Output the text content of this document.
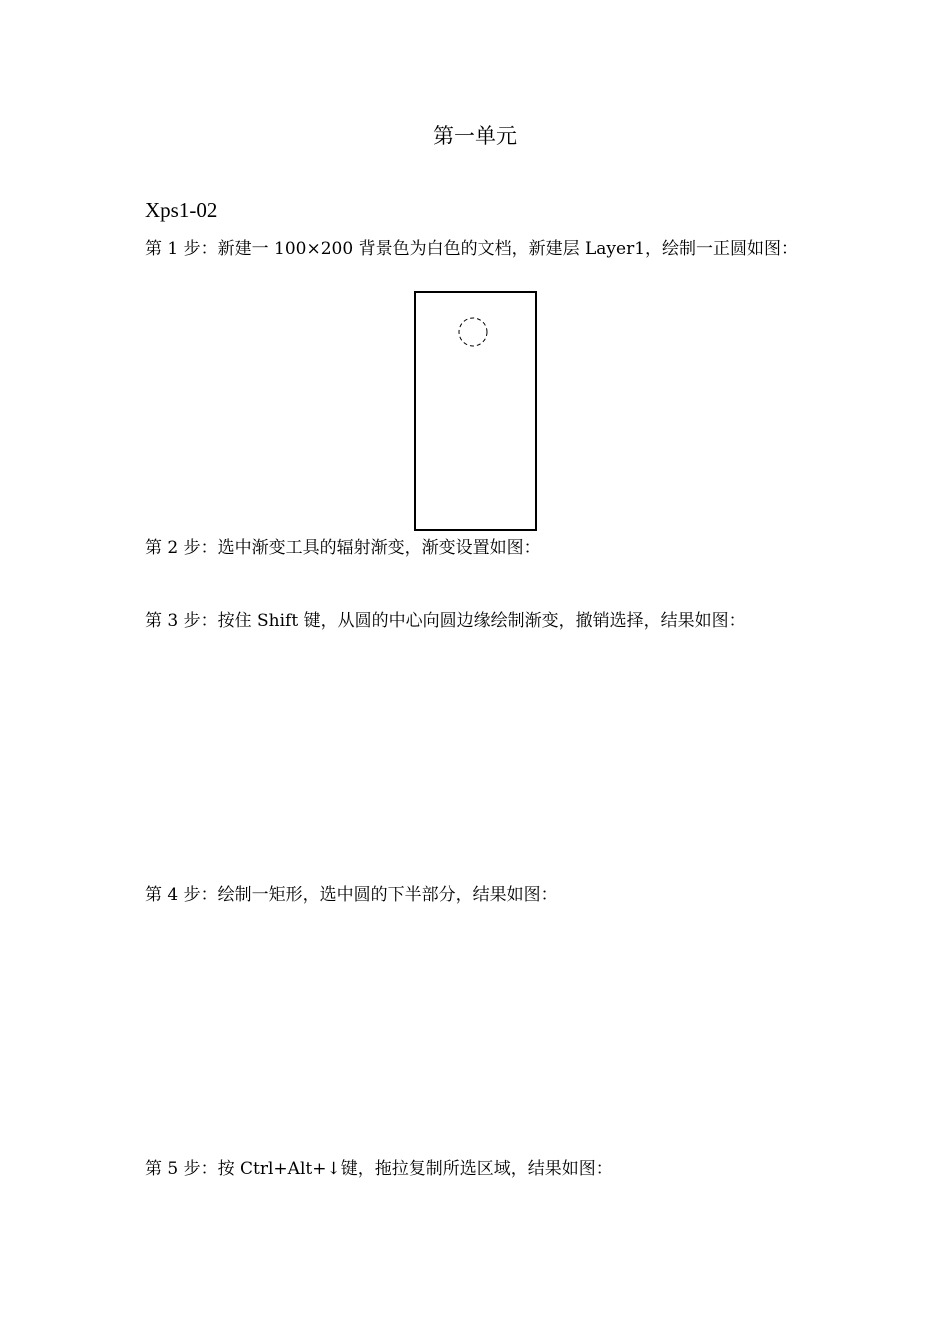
第一单元
Xps1-02
第 1 步：新建一 100×200 背景色为白色的文档，新建层 Layer1，绘制一正圆如图：
第 2 步：选中渐变工具的辐射渐变，渐变设置如图：
第 3 步：按住 Shift 键，从圆的中心向圆边缘绘制渐变，撤销选择，结果如图：
第 4 步：绘制一矩形，选中圆的下半部分，结果如图：
第 5 步：按 Ctrl+Alt+↓键，拖拉复制所选区域，结果如图：
